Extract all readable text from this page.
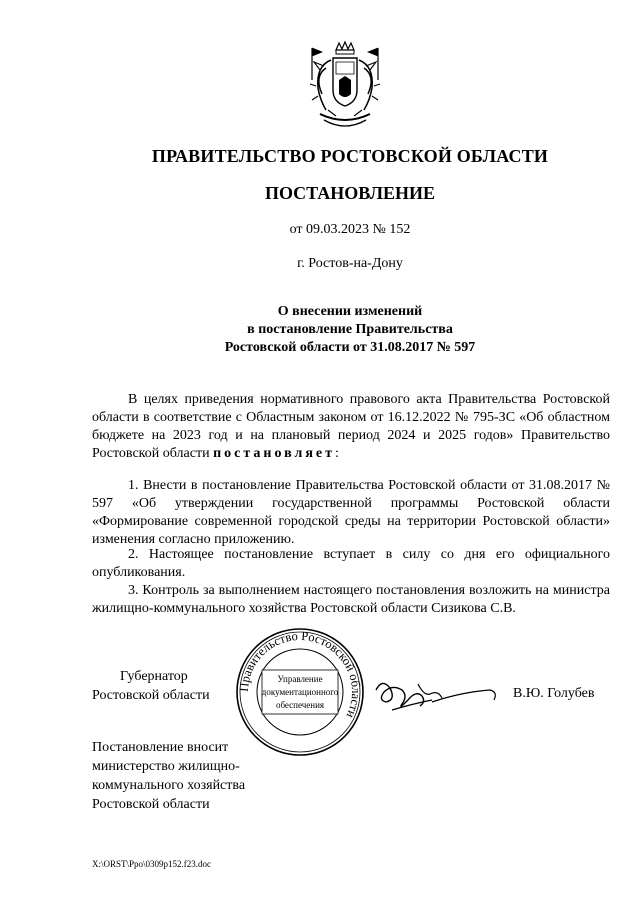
ПРАВИТЕЛЬСТВО РОСТОВСКОЙ ОБЛАСТИ
ПОСТАНОВЛЕНИЕ
от 09.03.2023 № 152
г. Ростов-на-Дону
О внесении изменений
в постановление Правительства
Ростовской области от 31.08.2017 № 597
В целях приведения нормативного правового акта Правительства Ростовской области в соответствие с Областным законом от 16.12.2022 № 795-ЗС «Об областном бюджете на 2023 год и на плановый период 2024 и 2025 годов» Правительство Ростовской области постановляет:
1. Внести в постановление Правительства Ростовской области от 31.08.2017 № 597 «Об утверждении государственной программы Ростовской области «Формирование современной городской среды на территории Ростовской области» изменения согласно приложению.
2. Настоящее постановление вступает в силу со дня его официального опубликования.
3. Контроль за выполнением настоящего постановления возложить на министра жилищно-коммунального хозяйства Ростовской области Сизикова С.В.
Губернатор
Ростовской области
Правительство Ростовской области
Управление
документационного
обеспечения
В.Ю. Голубев
Постановление вносит
министерство жилищно-
коммунального хозяйства
Ростовской области
X:\ORST\Ppo\0309p152.f23.doc
